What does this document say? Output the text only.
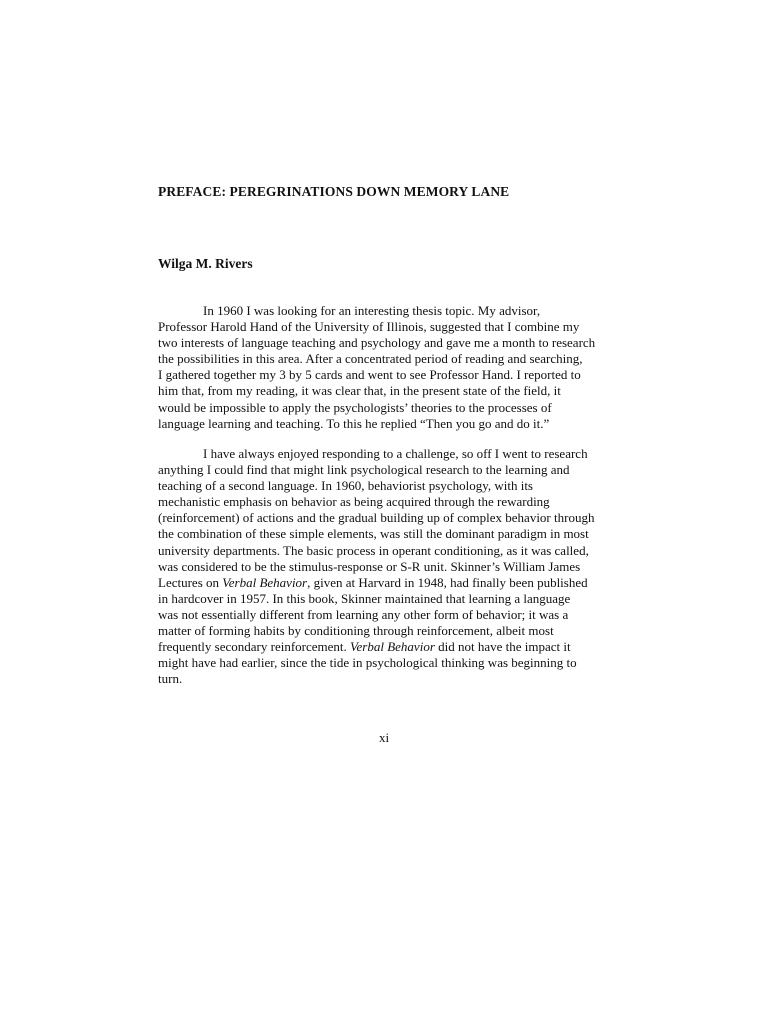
PREFACE: PEREGRINATIONS DOWN MEMORY LANE
Wilga M. Rivers
In 1960 I was looking for an interesting thesis topic. My advisor,
Professor Harold Hand of the University of Illinois, suggested that I combine my
two interests of language teaching and psychology and gave me a month to research
the possibilities in this area. After a concentrated period of reading and searching,
I gathered together my 3 by 5 cards and went to see Professor Hand. I reported to
him that, from my reading, it was clear that, in the present state of the field, it
would be impossible to apply the psychologists’ theories to the processes of
language learning and teaching. To this he replied “Then you go and do it.”
I have always enjoyed responding to a challenge, so off I went to research
anything I could find that might link psychological research to the learning and
teaching of a second language. In 1960, behaviorist psychology, with its
mechanistic emphasis on behavior as being acquired through the rewarding
(reinforcement) of actions and the gradual building up of complex behavior through
the combination of these simple elements, was still the dominant paradigm in most
university departments. The basic process in operant conditioning, as it was called,
was considered to be the stimulus-response or S-R unit. Skinner’s William James
Lectures on Verbal Behavior, given at Harvard in 1948, had finally been published
in hardcover in 1957. In this book, Skinner maintained that learning a language
was not essentially different from learning any other form of behavior; it was a
matter of forming habits by conditioning through reinforcement, albeit most
frequently secondary reinforcement. Verbal Behavior did not have the impact it
might have had earlier, since the tide in psychological thinking was beginning to
turn.
xi
